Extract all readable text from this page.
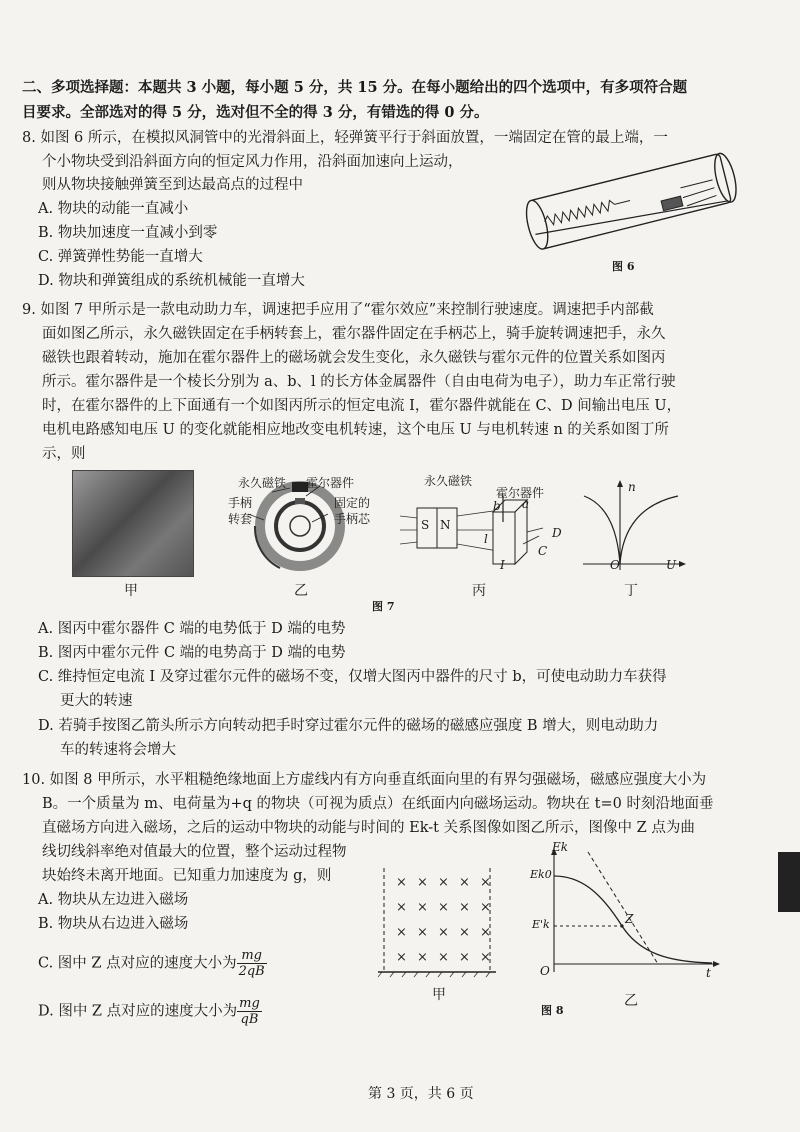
二、多项选择题：本题共 3 小题，每小题 5 分，共 15 分。在每小题给出的四个选项中，有多项符合题
目要求。全部选对的得 5 分，选对但不全的得 3 分，有错选的得 0 分。
8. 如图 6 所示，在模拟风洞管中的光滑斜面上，轻弹簧平行于斜面放置，一端固定在管的最上端，一
个小物块受到沿斜面方向的恒定风力作用，沿斜面加速向上运动，
则从物块接触弹簧至到达最高点的过程中
A. 物块的动能一直减小
B. 物块加速度一直减小到零
C. 弹簧弹性势能一直增大
D. 物块和弹簧组成的系统机械能一直增大
图 6
9. 如图 7 甲所示是一款电动助力车，调速把手应用了“霍尔效应”来控制行驶速度。调速把手内部截
面如图乙所示，永久磁铁固定在手柄转套上，霍尔器件固定在手柄芯上，骑手旋转调速把手，永久
磁铁也跟着转动，施加在霍尔器件上的磁场就会发生变化，永久磁铁与霍尔元件的位置关系如图丙
所示。霍尔器件是一个棱长分别为 a、b、l 的长方体金属器件（自由电荷为电子），助力车正常行驶
时，在霍尔器件的上下面通有一个如图丙所示的恒定电流 I，霍尔器件就能在 C、D 间输出电压 U，
电机电路感知电压 U 的变化就能相应地改变电机转速，这个电压 U 与电机转速 n 的关系如图丁所
示，则
甲
永久磁铁 霍尔器件
手柄
转套
固定的
手柄芯
乙
永久磁铁
霍尔器件
S N
a
b
l
I
C
D
丙
n
O	U
丁
图 7
A. 图丙中霍尔器件 C 端的电势低于 D 端的电势
B. 图丙中霍尔元件 C 端的电势高于 D 端的电势
C. 维持恒定电流 I 及穿过霍尔元件的磁场不变，仅增大图丙中器件的尺寸 b，可使电动助力车获得
更大的转速
D. 若骑手按图乙箭头所示方向转动把手时穿过霍尔元件的磁场的磁感应强度 B 增大，则电动助力
车的转速将会增大
10. 如图 8 甲所示，水平粗糙绝缘地面上方虚线内有方向垂直纸面向里的有界匀强磁场，磁感应强度大小为
B。一个质量为 m、电荷量为+q 的物块（可视为质点）在纸面内向磁场运动。物块在 t=0 时刻沿地面垂
直磁场方向进入磁场，之后的运动中物块的动能与时间的 Ek-t 关系图像如图乙所示，图像中 Z 点为曲
线切线斜率绝对值最大的位置，整个运动过程物
块始终未离开地面。已知重力加速度为 g，则
A. 物块从左边进入磁场
B. 物块从右边进入磁场
C. 图中 Z 点对应的速度大小为 $\frac{mg}{2qB}$
D. 图中 Z 点对应的速度大小为 $\frac{mg}{qB}$
× × × × ×
× × × × ×
× × × × ×
× × × × ×
甲
Ek
Ek0
E'k	Z
O	t
图 8
乙
第 3 页，共 6 页
